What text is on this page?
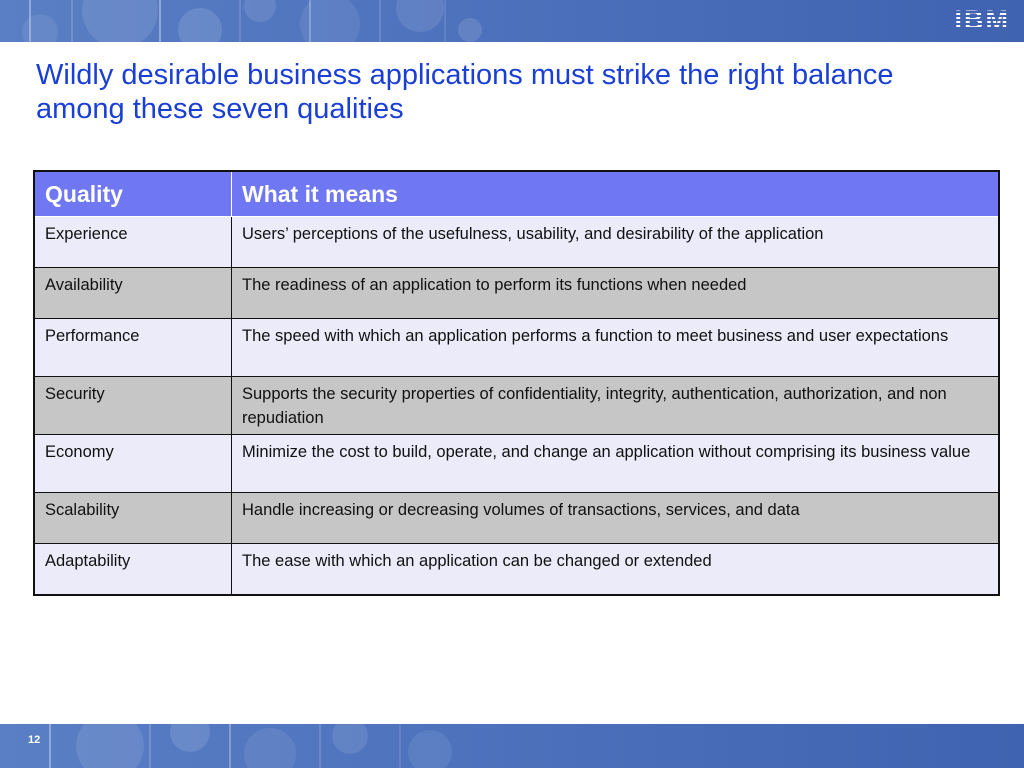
IBM
Wildly desirable business applications must strike the right balance among these seven qualities
Quality	What it means
Experience	Users’ perceptions of the usefulness, usability, and desirability of the application
Availability	The readiness of an application to perform its functions when needed
Performance	The speed with which an application performs a function to meet business and user expectations
Security	Supports the security properties of confidentiality, integrity, authentication, authorization, and non repudiation
Economy	Minimize the cost to build, operate, and change an application without comprising its business value
Scalability	Handle increasing or decreasing volumes of transactions, services, and data
Adaptability	The ease with which an application can be changed or extended
12
